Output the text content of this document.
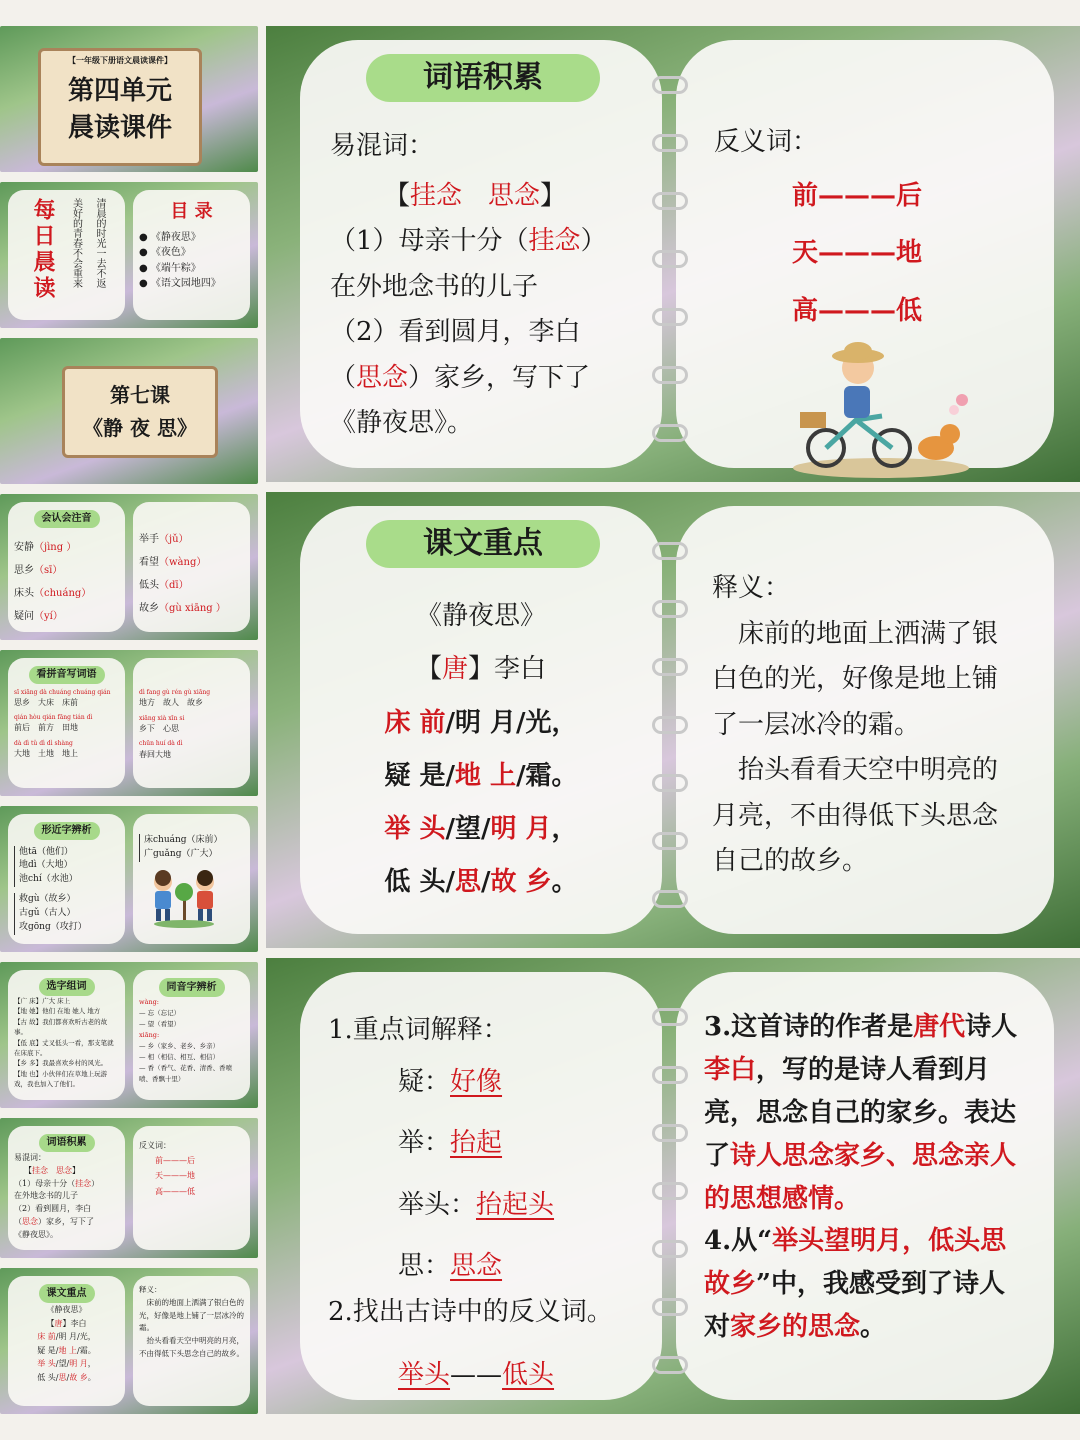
【一年级下册语文晨读课件】
第四单元
晨读课件
每日晨读	美好的青春不会重来 清晨的时光一去不返	目 录
● 《静夜思》
● 《夜色》
● 《端午粽》
● 《语文园地四》
第七课
《静 夜 思》
会认会注音
安静（jìng ）
思乡（sī）
床头（chuáng）
疑问（yí）
举手（jǔ）
看望（wàng）
低头（dī）
故乡（gù xiāng ）
看拼音写词语
sī xiāng dà chuáng chuáng qián
思乡　 大床　 床前
qián hòu qián fāng tián dì
前后　 前方　 田地
dà dì tǔ dì dì shàng
大地　 土地　 地上
dì fang gù rén gù xiāng
地方　 故人　 故乡
xiāng xià xīn si
乡下　 心思
chūn huí dà dì
春回大地
形近字辨析
他tā（他们）
地dì（大地）
池chí（水池）
救gù（故乡）
古gǔ（古人）
攻gōng（攻打）
床chuáng（床前）
广guǎng（广大）
选字组词
【广 床】广大 床上
【地 她】他们 在地 她人 地方
【古 故】我们都喜欢听古老的故事。
【低 底】丈叉低头一看，那支笔就在床底下。
【乡 多】我最喜欢乡村的风光。
【地 也】小伙伴们在草地上玩游戏，我也加入了他们。
同音字辨析
wàng:
— 忘（忘记）
— 望（看望）
xiāng:
— 乡（家乡、老乡、乡亲）
— 相（相信、相互、相信）
— 香（香气、花香、清香、香喷喷、香飘十里）
词语积累
易混词：
【挂念　思念】
（1）母亲十分（挂念）
在外地念书的儿子
（2）看到圆月，李白
（思念）家乡，写下了
《静夜思》。
反义词：
前———后
天———地
高———低
课文重点
《静夜思》
【唐】李白
床 前/明 月/光，
疑 是/地 上/霜。
举 头/望/明 月，
低 头/思/故 乡。
释义：
　床前的地面上洒满了银白色的光，好像是地上铺了一层冰冷的霜。
　抬头看看天空中明亮的月亮，不由得低下头思念自己的故乡。
词语积累
易混词：
【挂念　思念】
（1）母亲十分（挂念）
在外地念书的儿子
（2）看到圆月，李白
（思念）家乡，写下了
《静夜思》。
反义词：
前———后
天———地
高———低
课文重点
《静夜思》
【唐】李白
床 前/明 月/光，
疑 是/地 上/霜。
举 头/望/明 月，
低 头/思/故 乡。
释义：
　床前的地面上洒满了银白色的光，好像是地上铺了一层冰冷的霜。
　抬头看看天空中明亮的月亮，不由得低下头思念自己的故乡。
1.重点词解释：
疑：好像
举：抬起
举头：抬起头
思：思念
2.找出古诗中的反义词。
举头——低头
3.这首诗的作者是唐代诗人李白，写的是诗人看到月亮，思念自己的家乡。表达了诗人思念家乡、思念亲人的思想感情。
4.从“举头望明月，低头思故乡”中，我感受到了诗人对家乡的思念。
